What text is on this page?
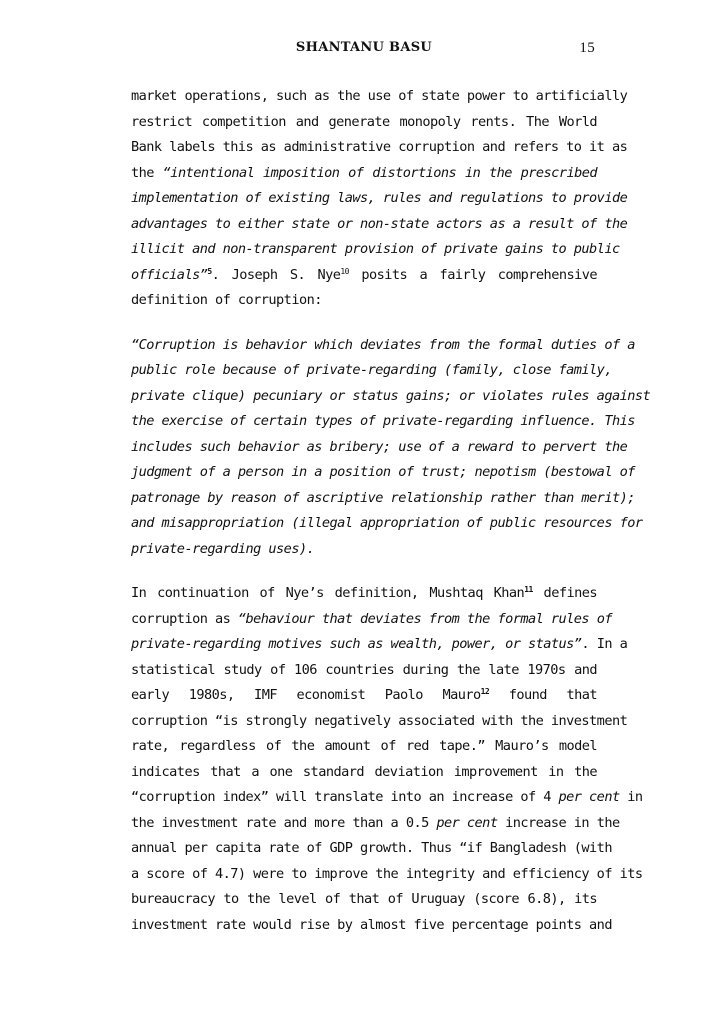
SHANTANU BASU	15

market operations, such as the use of state power to artificially
restrict competition and generate monopoly rents. The World
Bank labels this as administrative corruption and refers to it as
the “intentional imposition of distortions in the prescribed
implementation of existing laws, rules and regulations to provide
advantages to either state or non-state actors as a result of the
illicit and non-transparent provision of private gains to public
officials”$^5$. Joseph S. Nye$^{10}$ posits a fairly comprehensive
definition of corruption:

“Corruption is behavior which deviates from the formal duties of a
public role because of private-regarding (family, close family,
private clique) pecuniary or status gains; or violates rules against
the exercise of certain types of private-regarding influence. This
includes such behavior as bribery; use of a reward to pervert the
judgment of a person in a position of trust; nepotism (bestowal of
patronage by reason of ascriptive relationship rather than merit);
and misappropriation (illegal appropriation of public resources for
private-regarding uses).

In continuation of Nye’s definition, Mushtaq Khan$^{11}$ defines
corruption as “behaviour that deviates from the formal rules of
private-regarding motives such as wealth, power, or status”. In a
statistical study of 106 countries during the late 1970s and
early 1980s, IMF economist Paolo Mauro$^{12}$ found that
corruption “is strongly negatively associated with the investment
rate, regardless of the amount of red tape.” Mauro’s model
indicates that a one standard deviation improvement in the
“corruption index” will translate into an increase of 4 per cent in
the investment rate and more than a 0.5 per cent increase in the
annual per capita rate of GDP growth. Thus “if Bangladesh (with
a score of 4.7) were to improve the integrity and efficiency of its
bureaucracy to the level of that of Uruguay (score 6.8), its
investment rate would rise by almost five percentage points and
